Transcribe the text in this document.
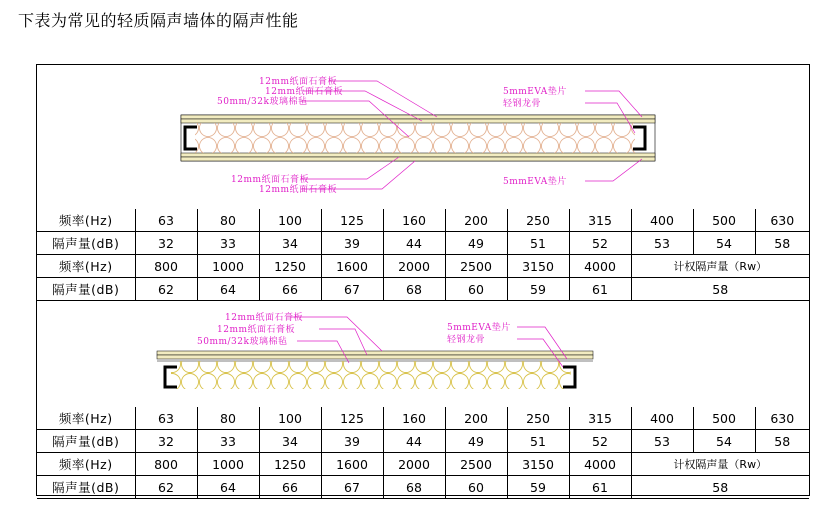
下表为常见的轻质隔声墙体的隔声性能
12mm纸面石膏板
12mm纸面石膏板
50mm/32k玻璃棉毡
5mmEVA垫片
轻钢龙骨
12mm纸面石膏板
12mm纸面石膏板
5mmEVA垫片
频率(Hz)	63	80	100	125	160	200	250	315	400	500	630
隔声量(dB)	32	33	34	39	44	49	51	52	53	54	58
频率(Hz)	800	1000	1250	1600	2000	2500	3150	4000	计权隔声量（Rw）		
隔声量(dB)	62	64	66	67	68	60	59	61	58		
12mm纸面石膏板
12mm纸面石膏板
50mm/32k玻璃棉毡
5mmEVA垫片
轻钢龙骨
频率(Hz)	63	80	100	125	160	200	250	315	400	500	630
隔声量(dB)	32	33	34	39	44	49	51	52	53	54	58
频率(Hz)	800	1000	1250	1600	2000	2500	3150	4000	计权隔声量（Rw）		
隔声量(dB)	62	64	66	67	68	60	59	61	58		
